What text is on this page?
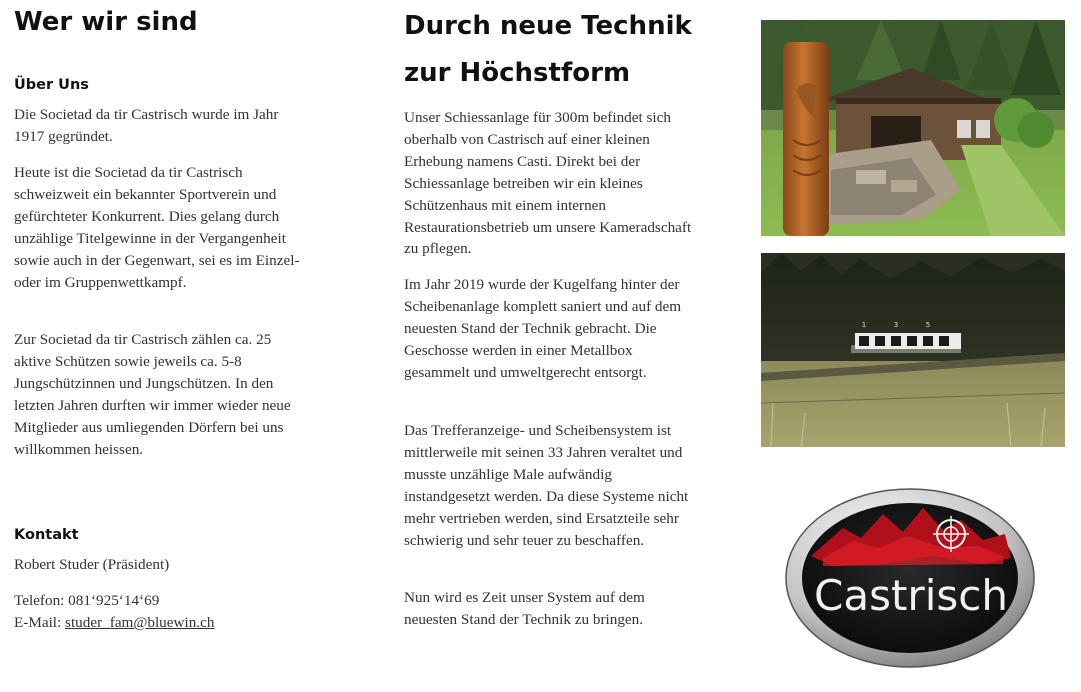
Wer wir sind
Über Uns

Die Societad da tir Castrisch wurde im Jahr 1917 gegründet.

Heute ist die Societad da tir Castrisch schweizweit ein bekannter Sportverein und gefürchteter Konkurrent. Dies gelang durch unzählige Titelgewinne in der Vergangenheit sowie auch in der Gegenwart, sei es im Einzel- oder im Gruppenwettkampf.

Zur Societad da tir Castrisch zählen ca. 25 aktive Schützen sowie jeweils ca. 5-8 Jungschützinnen und Jungschützen. In den letzten Jahren durften wir immer wieder neue Mitglieder aus umliegenden Dörfern bei uns willkommen heissen.

Kontakt

Robert Studer (Präsident)

Telefon: 081‘925‘14‘69

E-Mail: studer_fam@bluewin.ch

Durch neue Technik zur Höchstform

Unser Schiessanlage für 300m befindet sich oberhalb von Castrisch auf einer kleinen Erhebung namens Casti. Direkt bei der Schiessanlage betreiben wir ein kleines Schützenhaus mit einem internen Restaurationsbetrieb um unsere Kameradschaft zu pflegen.

Im Jahr 2019 wurde der Kugelfang hinter der Scheibenanlage komplett saniert und auf dem neuesten Stand der Technik gebracht. Die Geschosse werden in einer Metallbox gesammelt und umweltgerecht entsorgt.

Das Trefferanzeige- und Scheibensystem ist mittlerweile mit seinen 33 Jahren veraltet und musste unzählige Male aufwändig instandgesetzt werden. Da diese Systeme nicht mehr vertrieben werden, sind Ersatzteile sehr schwierig und sehr teuer zu beschaffen.

Nun wird es Zeit unser System auf dem neuesten Stand der Technik zu bringen.

1	3	5
Castrisch
